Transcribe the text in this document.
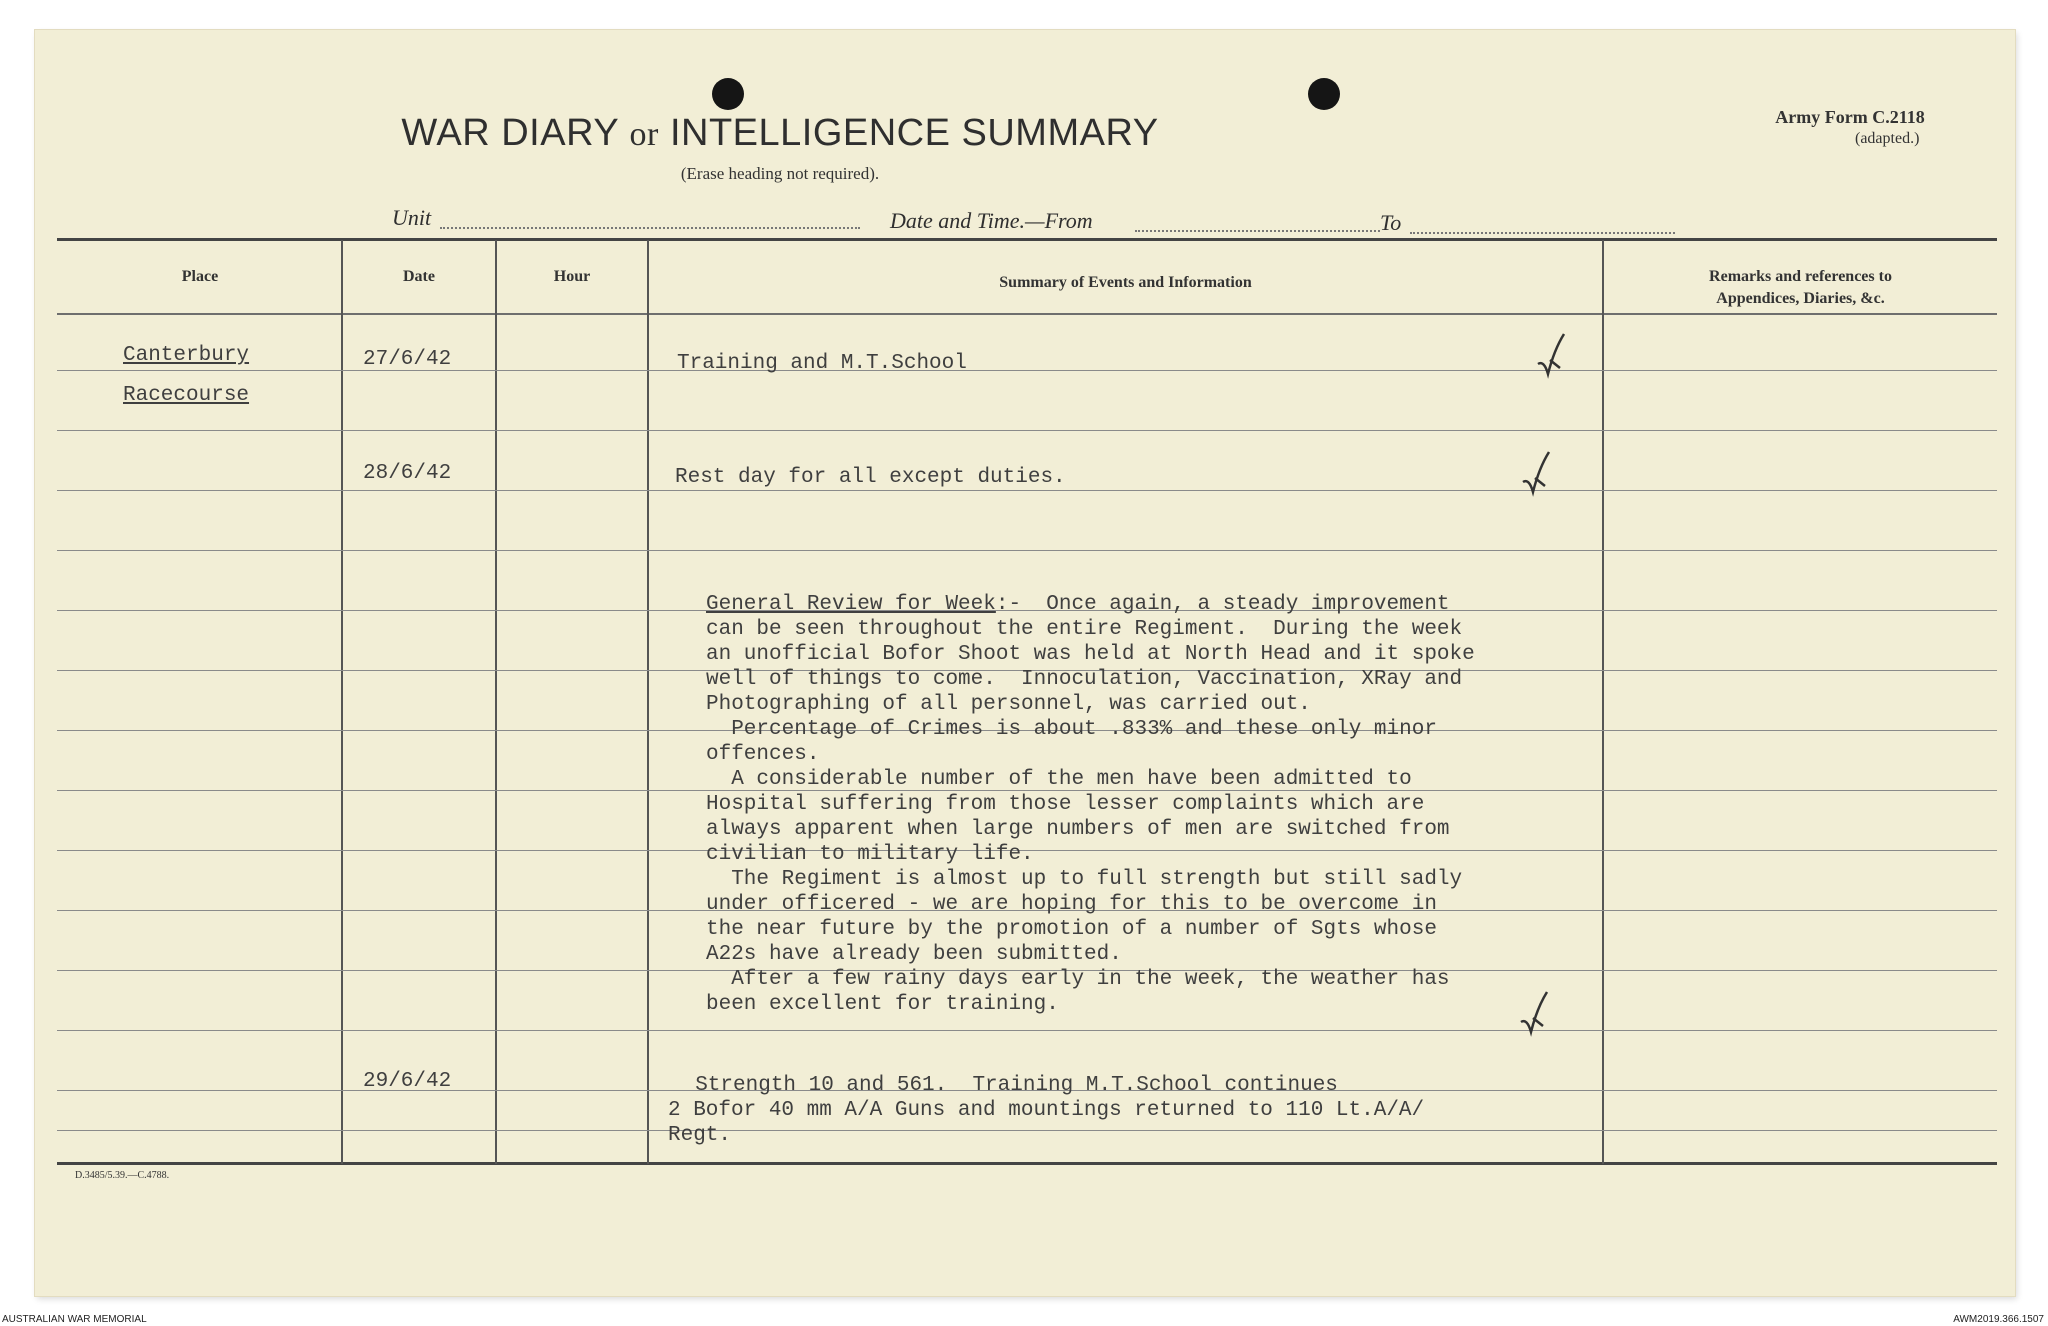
WAR DIARY or INTELLIGENCE SUMMARY
(Erase heading not required).
Army Form C.2118
(adapted.)
Unit	Date and Time.—From	To
Place	Date	Hour	Summary of Events and Information	Remarks and references to
Appendices, Diaries, &c.
Canterbury
Racecourse
27/6/42	Training and M.T.School
28/6/42	Rest day for all except duties.
General Review for Week:-  Once again, a steady improvement
can be seen throughout the entire Regiment.  During the week
an unofficial Bofor Shoot was held at North Head and it spoke
well of things to come.  Innoculation, Vaccination, XRay and
Photographing of all personnel, was carried out.
Percentage of Crimes is about .833% and these only minor
offences.
A considerable number of the men have been admitted to
Hospital suffering from those lesser complaints which are
always apparent when large numbers of men are switched from
civilian to military life.
The Regiment is almost up to full strength but still sadly
under officered - we are hoping for this to be overcome in
the near future by the promotion of a number of Sgts whose
A22s have already been submitted.
After a few rainy days early in the week, the weather has
been excellent for training.
29/6/42	Strength 10 and 561.  Training M.T.School continues
2 Bofor 40 mm A/A Guns and mountings returned to 110 Lt.A/A/
Regt.
D.3485/5.39.—C.4788.
AUSTRALIAN WAR MEMORIAL	AWM2019.366.1507
